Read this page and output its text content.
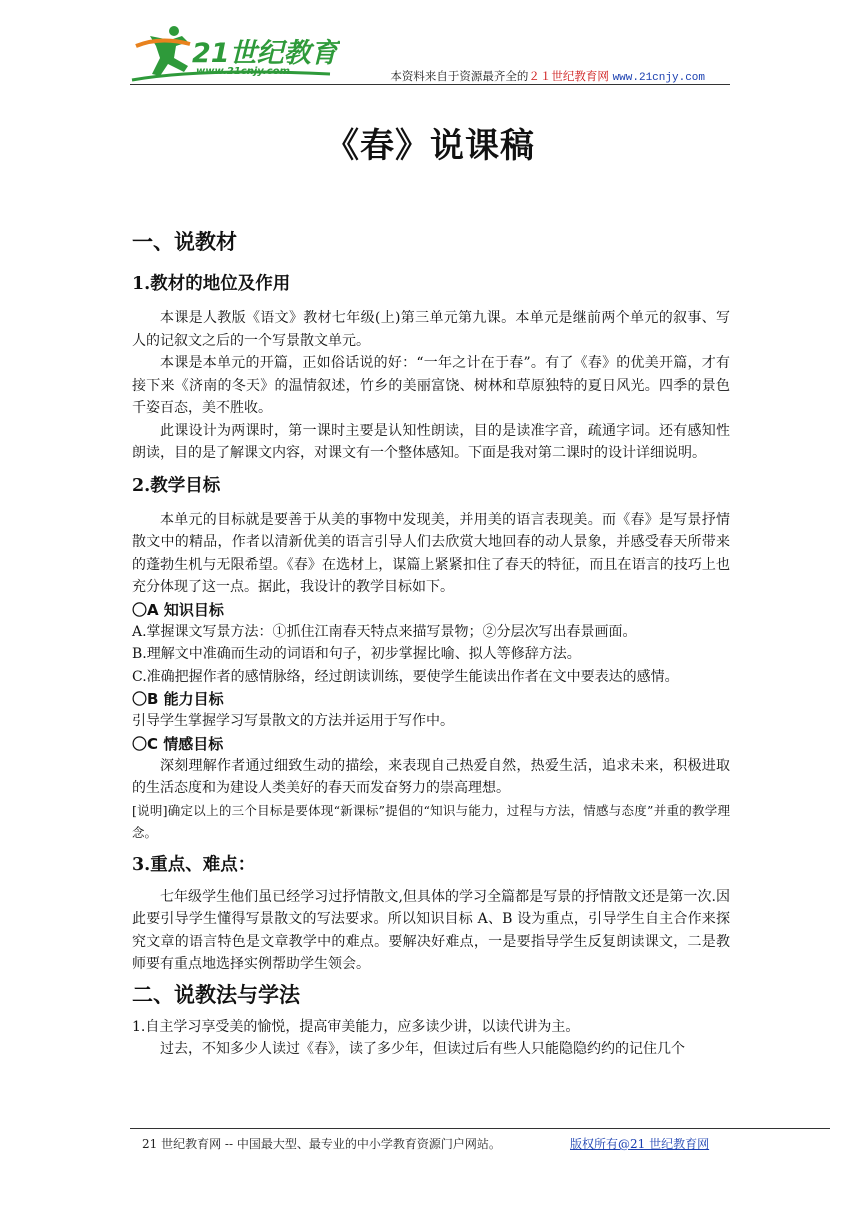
21世纪教育
www.21cnjy.com	本资料来自于资源最齐全的２１世纪教育网 www.21cnjy.com
《春》说课稿
一、说教材
1.教材的地位及作用

本课是人教版《语文》教材七年级(上)第三单元第九课。本单元是继前两个单元的叙事、写人的记叙文之后的一个写景散文单元。

本课是本单元的开篇，正如俗话说的好：“一年之计在于春”。有了《春》的优美开篇，才有接下来《济南的冬天》的温情叙述，竹乡的美丽富饶、树林和草原独特的夏日风光。四季的景色千姿百态，美不胜收。

此课设计为两课时，第一课时主要是认知性朗读，目的是读准字音，疏通字词。还有感知性朗读，目的是了解课文内容，对课文有一个整体感知。下面是我对第二课时的设计详细说明。

2.教学目标

本单元的目标就是要善于从美的事物中发现美，并用美的语言表现美。而《春》是写景抒情散文中的精品，作者以清新优美的语言引导人们去欣赏大地回春的动人景象，并感受春天所带来的蓬勃生机与无限希望。《春》在选材上，谋篇上紧紧扣住了春天的特征，而且在语言的技巧上也充分体现了这一点。据此，我设计的教学目标如下。

〇A 知识目标

A.掌握课文写景方法：①抓住江南春天特点来描写景物；②分层次写出春景画面。

B.理解文中准确而生动的词语和句子，初步掌握比喻、拟人等修辞方法。

C.准确把握作者的感情脉络，经过朗读训练，要使学生能读出作者在文中要表达的感情。

〇B 能力目标

引导学生掌握学习写景散文的方法并运用于写作中。

〇C 情感目标

深刻理解作者通过细致生动的描绘，来表现自己热爱自然，热爱生活，追求未来，积极进取的生活态度和为建设人类美好的春天而发奋努力的崇高理想。

[说明]确定以上的三个目标是要体现“新课标”提倡的“知识与能力，过程与方法，情感与态度”并重的教学理念。

3.重点、难点：

七年级学生他们虽已经学习过抒情散文,但具体的学习全篇都是写景的抒情散文还是第一次.因此要引导学生懂得写景散文的写法要求。所以知识目标 A、B 设为重点，引导学生自主合作来探究文章的语言特色是文章教学中的难点。要解决好难点，一是要指导学生反复朗读课文，二是教师要有重点地选择实例帮助学生领会。

二、说教法与学法

1.自主学习享受美的愉悦，提高审美能力，应多读少讲，以读代讲为主。

过去，不知多少人读过《春》，读了多少年，但读过后有些人只能隐隐约约的记住几个

21 世纪教育网 -- 中国最大型、最专业的中小学教育资源门户网站。	版权所有@21 世纪教育网
